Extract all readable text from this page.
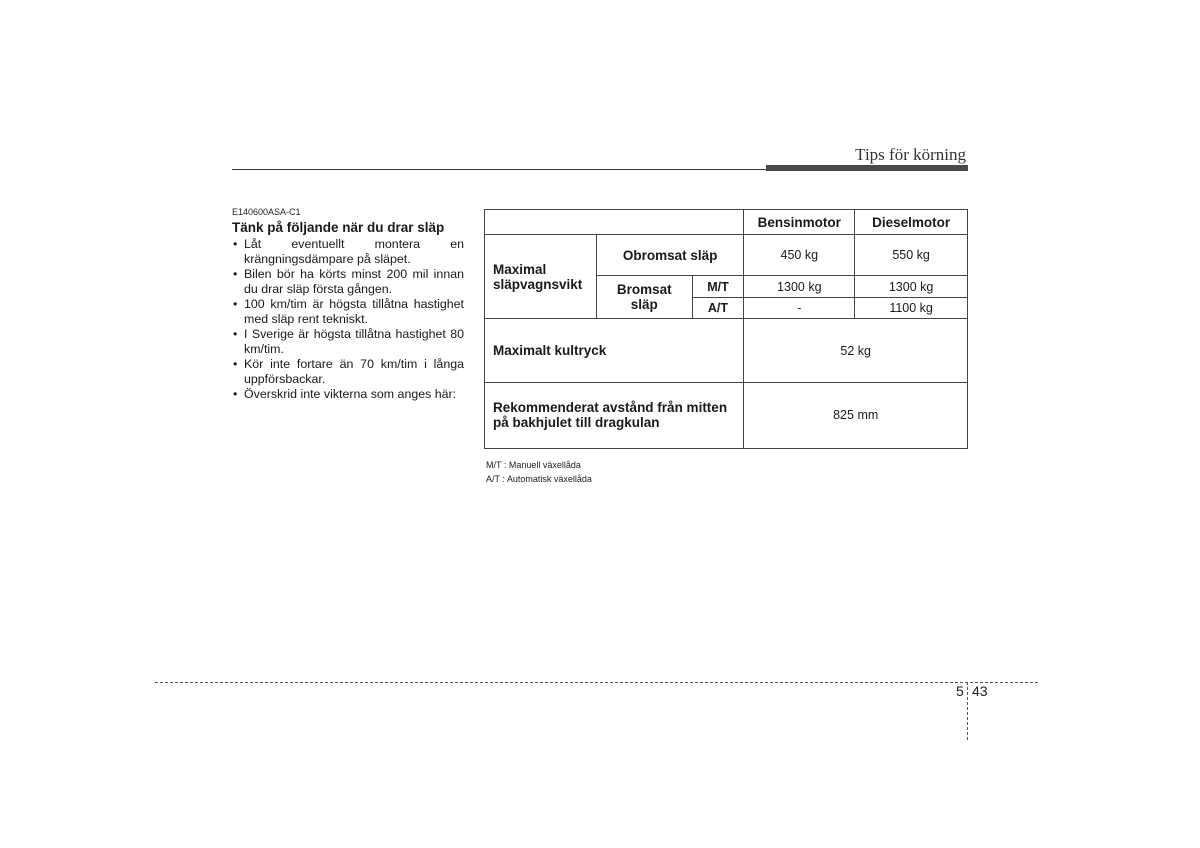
Tips för körning
E140600ASA-C1
Tänk på följande när du drar släp
• Låt eventuellt montera en krängningsdämpare på släpet.
• Bilen bör ha körts minst 200 mil innan du drar släp första gången.
• 100 km/tim är högsta tillåtna hastighet med släp rent tekniskt.
• I Sverige är högsta tillåtna hastighet 80 km/tim.
• Kör inte fortare än 70 km/tim i långa uppförsbackar.
• Överskrid inte vikterna som anges här:
			Bensinmotor	Dieselmotor
Maximal släpvagnsvikt	Obromsat släp		450 kg	550 kg
	Bromsat släp	M/T	1300 kg	1300 kg
		A/T	-	1100 kg
Maximalt kultryck			52 kg	
Rekommenderat avstånd från mitten på bakhjulet till dragkulan			825 mm	
M/T : Manuell växellåda
A/T : Automatisk växellåda
5 43
